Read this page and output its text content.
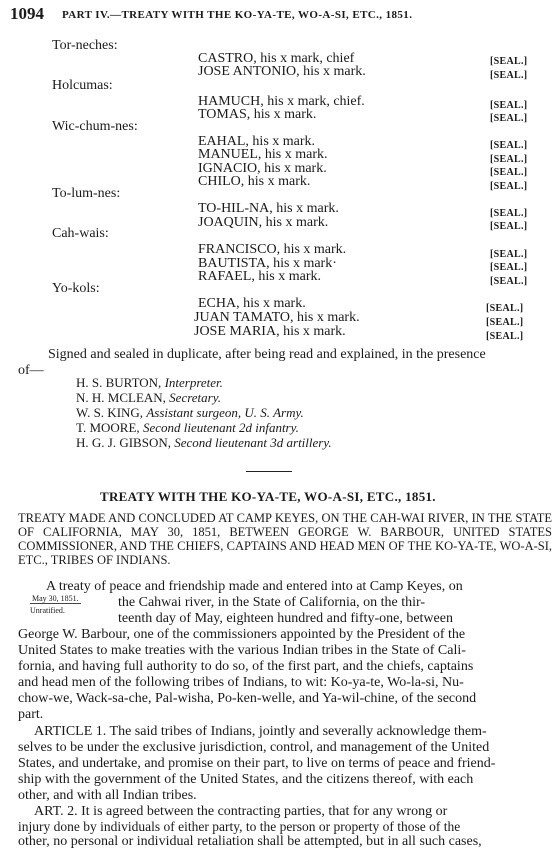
1094 PART IV.—TREATY WITH THE KO-YA-TE, WO-A-SI, ETC., 1851.
Tor-neches:
CASTRO, his x mark, chief	[SEAL.]
JOSE ANTONIO, his x mark.	[SEAL.]
Holcumas:
HAMUCH, his x mark, chief.	[SEAL.]
TOMAS, his x mark.	[SEAL.]
Wic-chum-nes:
EAHAL, his x mark.	[SEAL.]
MANUEL, his x mark.	[SEAL.]
IGNACIO, his x mark.	[SEAL.]
CHILO, his x mark.	[SEAL.]
To-lum-nes:
TO-HIL-NA, his x mark.	[SEAL.]
JOAQUIN, his x mark.	[SEAL.]
Cah-wais:
FRANCISCO, his x mark.	[SEAL.]
BAUTISTA, his x mark·	[SEAL.]
RAFAEL, his x mark.	[SEAL.]
Yo-kols:
ECHA, his x mark.	[SEAL.]
JUAN TAMATO, his x mark.	[SEAL.]
JOSE MARIA, his x mark.	[SEAL.]
Signed and sealed in duplicate, after being read and explained, in the presence
of—
H. S. BURTON, Interpreter.
N. H. MCLEAN, Secretary.
W. S. KING, Assistant surgeon, U. S. Army.
T. MOORE, Second lieutenant 2d infantry.
H. G. J. GIBSON, Second lieutenant 3d artillery.
TREATY WITH THE KO-YA-TE, WO-A-SI, ETC., 1851.
TREATY MADE AND CONCLUDED AT CAMP KEYES, ON THE CAH-WAI RIVER, IN THE STATE OF CALIFORNIA, MAY 30, 1851, BETWEEN GEORGE W. BARBOUR, UNITED STATES COMMISSIONER, AND THE CHIEFS, CAPTAINS AND HEAD MEN OF THE KO-YA-TE, WO-A-SI, ETC., TRIBES OF INDIANS.
A treaty of peace and friendship made and entered into at Camp Keyes, on
the Cahwai river, in the State of California, on the thir-
teenth day of May, eighteen hundred and fifty-one, between
May 30, 1851.
Unratified.
George W. Barbour, one of the commissioners appointed by the President of the
United States to make treaties with the various Indian tribes in the State of Cali-
fornia, and having full authority to do so, of the first part, and the chiefs, captains
and head men of the following tribes of Indians, to wit: Ko-ya-te, Wo-la-si, Nu-
chow-we, Wack-sa-che, Pal-wisha, Po-ken-welle, and Ya-wil-chine, of the second
part.
ARTICLE 1. The said tribes of Indians, jointly and severally acknowledge them-
selves to be under the exclusive jurisdiction, control, and management of the United
States, and undertake, and promise on their part, to live on terms of peace and friend-
ship with the government of the United States, and the citizens thereof, with each
other, and with all Indian tribes.
ART. 2. It is agreed between the contracting parties, that for any wrong or
injury done by individuals of either party, to the person or property of those of the
other, no personal or individual retaliation shall be attempted, but in all such cases,
